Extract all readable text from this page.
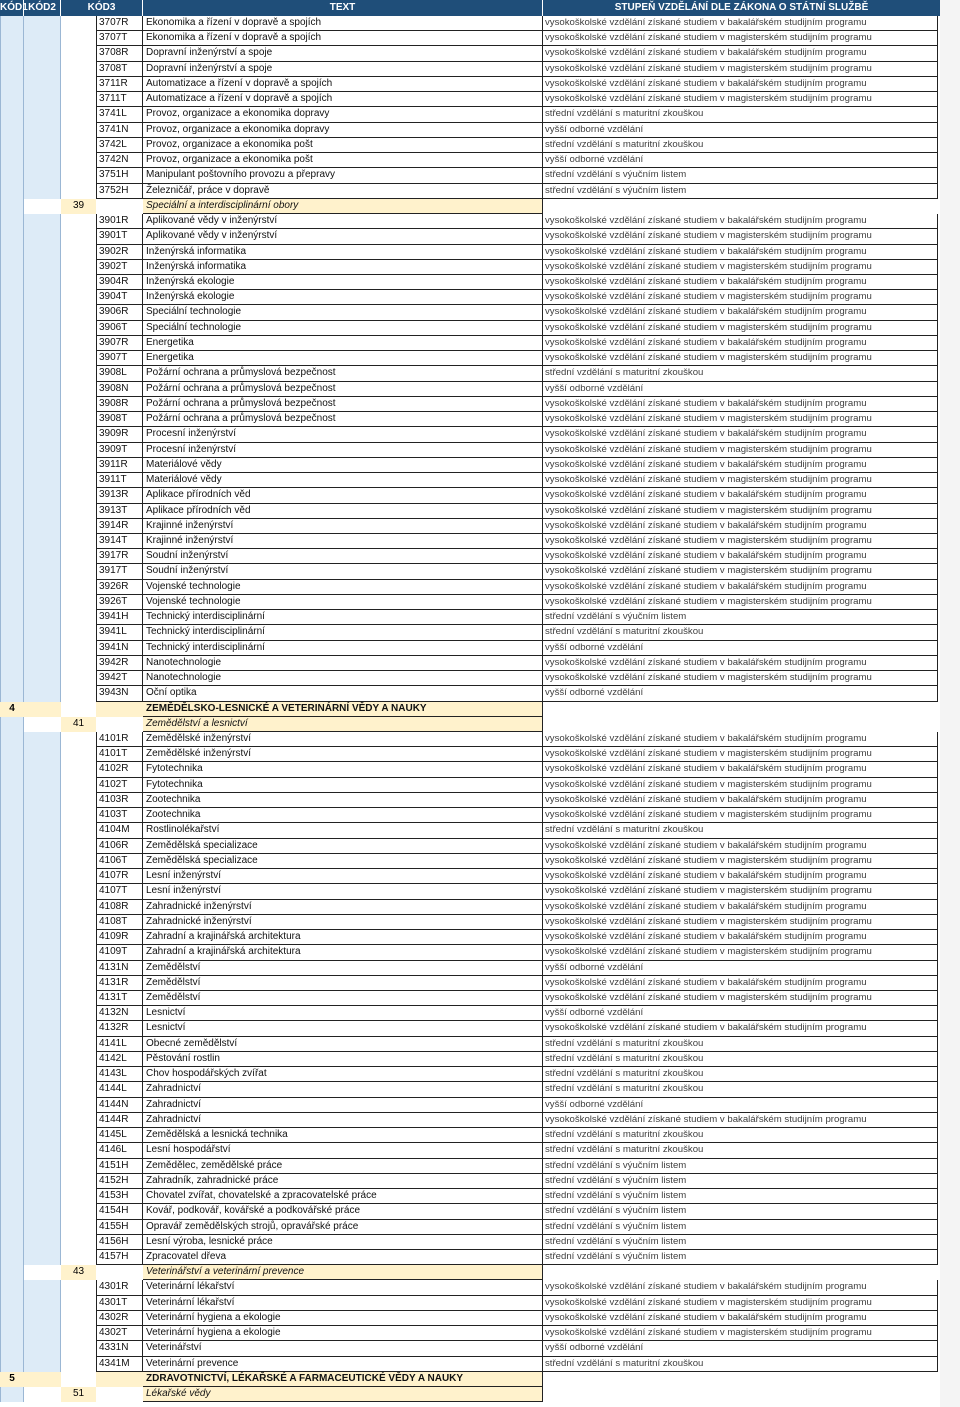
KÓD1 KÓD2	KÓD3	TEXT	STUPEŇ VZDĚLÁNÍ DLE ZÁKONA O STÁTNÍ SLUŽBĚ
3707R	Ekonomika a řízení v dopravě a spojích	vysokoškolské vzdělání získané studiem v bakalářském studijním programu
3707T	Ekonomika a řízení v dopravě a spojích	vysokoškolské vzdělání získané studiem v magisterském studijním programu
3708R	Dopravní inženýrství a spoje	vysokoškolské vzdělání získané studiem v bakalářském studijním programu
3708T	Dopravní inženýrství a spoje	vysokoškolské vzdělání získané studiem v magisterském studijním programu
3711R	Automatizace a řízení v dopravě a spojích	vysokoškolské vzdělání získané studiem v bakalářském studijním programu
3711T	Automatizace a řízení v dopravě a spojích	vysokoškolské vzdělání získané studiem v magisterském studijním programu
3741L	Provoz, organizace a ekonomika dopravy	střední vzdělání s maturitní zkouškou
3741N	Provoz, organizace a ekonomika dopravy	vyšší odborné vzdělání
3742L	Provoz, organizace a ekonomika pošt	střední vzdělání s maturitní zkouškou
3742N	Provoz, organizace a ekonomika pošt	vyšší odborné vzdělání
3751H	Manipulant poštovního provozu a přepravy	střední vzdělání s výučním listem
3752H	Železničář, práce v dopravě	střední vzdělání s výučním listem
39	Speciální a interdisciplinární obory
3901R	Aplikované vědy v inženýrství	vysokoškolské vzdělání získané studiem v bakalářském studijním programu
3901T	Aplikované vědy v inženýrství	vysokoškolské vzdělání získané studiem v magisterském studijním programu
3902R	Inženýrská informatika	vysokoškolské vzdělání získané studiem v bakalářském studijním programu
3902T	Inženýrská informatika	vysokoškolské vzdělání získané studiem v magisterském studijním programu
3904R	Inženýrská ekologie	vysokoškolské vzdělání získané studiem v bakalářském studijním programu
3904T	Inženýrská ekologie	vysokoškolské vzdělání získané studiem v magisterském studijním programu
3906R	Speciální technologie	vysokoškolské vzdělání získané studiem v bakalářském studijním programu
3906T	Speciální technologie	vysokoškolské vzdělání získané studiem v magisterském studijním programu
3907R	Energetika	vysokoškolské vzdělání získané studiem v bakalářském studijním programu
3907T	Energetika	vysokoškolské vzdělání získané studiem v magisterském studijním programu
3908L	Požární ochrana a průmyslová bezpečnost	střední vzdělání s maturitní zkouškou
3908N	Požární ochrana a průmyslová bezpečnost	vyšší odborné vzdělání
3908R	Požární ochrana a průmyslová bezpečnost	vysokoškolské vzdělání získané studiem v bakalářském studijním programu
3908T	Požární ochrana a průmyslová bezpečnost	vysokoškolské vzdělání získané studiem v magisterském studijním programu
3909R	Procesní inženýrství	vysokoškolské vzdělání získané studiem v bakalářském studijním programu
3909T	Procesní inženýrství	vysokoškolské vzdělání získané studiem v magisterském studijním programu
3911R	Materiálové vědy	vysokoškolské vzdělání získané studiem v bakalářském studijním programu
3911T	Materiálové vědy	vysokoškolské vzdělání získané studiem v magisterském studijním programu
3913R	Aplikace přírodních věd	vysokoškolské vzdělání získané studiem v bakalářském studijním programu
3913T	Aplikace přírodních věd	vysokoškolské vzdělání získané studiem v magisterském studijním programu
3914R	Krajinné inženýrství	vysokoškolské vzdělání získané studiem v bakalářském studijním programu
3914T	Krajinné inženýrství	vysokoškolské vzdělání získané studiem v magisterském studijním programu
3917R	Soudní inženýrství	vysokoškolské vzdělání získané studiem v bakalářském studijním programu
3917T	Soudní inženýrství	vysokoškolské vzdělání získané studiem v magisterském studijním programu
3926R	Vojenské technologie	vysokoškolské vzdělání získané studiem v bakalářském studijním programu
3926T	Vojenské technologie	vysokoškolské vzdělání získané studiem v magisterském studijním programu
3941H	Technický interdisciplinární	střední vzdělání s výučním listem
3941L	Technický interdisciplinární	střední vzdělání s maturitní zkouškou
3941N	Technický interdisciplinární	vyšší odborné vzdělání
3942R	Nanotechnologie	vysokoškolské vzdělání získané studiem v bakalářském studijním programu
3942T	Nanotechnologie	vysokoškolské vzdělání získané studiem v magisterském studijním programu
3943N	Oční optika	vyšší odborné vzdělání
4	ZEMĚDĚLSKO-LESNICKÉ A VETERINÁRNÍ VĚDY A NAUKY
41	Zemědělství a lesnictví
4101R	Zemědělské inženýrství	vysokoškolské vzdělání získané studiem v bakalářském studijním programu
4101T	Zemědělské inženýrství	vysokoškolské vzdělání získané studiem v magisterském studijním programu
4102R	Fytotechnika	vysokoškolské vzdělání získané studiem v bakalářském studijním programu
4102T	Fytotechnika	vysokoškolské vzdělání získané studiem v magisterském studijním programu
4103R	Zootechnika	vysokoškolské vzdělání získané studiem v bakalářském studijním programu
4103T	Zootechnika	vysokoškolské vzdělání získané studiem v magisterském studijním programu
4104M	Rostlinolékařství	střední vzdělání s maturitní zkouškou
4106R	Zemědělská specializace	vysokoškolské vzdělání získané studiem v bakalářském studijním programu
4106T	Zemědělská specializace	vysokoškolské vzdělání získané studiem v magisterském studijním programu
4107R	Lesní inženýrství	vysokoškolské vzdělání získané studiem v bakalářském studijním programu
4107T	Lesní inženýrství	vysokoškolské vzdělání získané studiem v magisterském studijním programu
4108R	Zahradnické inženýrství	vysokoškolské vzdělání získané studiem v bakalářském studijním programu
4108T	Zahradnické inženýrství	vysokoškolské vzdělání získané studiem v magisterském studijním programu
4109R	Zahradní a krajinářská architektura	vysokoškolské vzdělání získané studiem v bakalářském studijním programu
4109T	Zahradní a krajinářská architektura	vysokoškolské vzdělání získané studiem v magisterském studijním programu
4131N	Zemědělství	vyšší odborné vzdělání
4131R	Zemědělství	vysokoškolské vzdělání získané studiem v bakalářském studijním programu
4131T	Zemědělství	vysokoškolské vzdělání získané studiem v magisterském studijním programu
4132N	Lesnictví	vyšší odborné vzdělání
4132R	Lesnictví	vysokoškolské vzdělání získané studiem v bakalářském studijním programu
4141L	Obecné zemědělství	střední vzdělání s maturitní zkouškou
4142L	Pěstování rostlin	střední vzdělání s maturitní zkouškou
4143L	Chov hospodářských zvířat	střední vzdělání s maturitní zkouškou
4144L	Zahradnictví	střední vzdělání s maturitní zkouškou
4144N	Zahradnictví	vyšší odborné vzdělání
4144R	Zahradnictví	vysokoškolské vzdělání získané studiem v bakalářském studijním programu
4145L	Zemědělská a lesnická technika	střední vzdělání s maturitní zkouškou
4146L	Lesní hospodářství	střední vzdělání s maturitní zkouškou
4151H	Zemědělec, zemědělské práce	střední vzdělání s výučním listem
4152H	Zahradník, zahradnické práce	střední vzdělání s výučním listem
4153H	Chovatel zvířat, chovatelské a zpracovatelské práce	střední vzdělání s výučním listem
4154H	Kovář, podkovář, kovářské a podkovářské práce	střední vzdělání s výučním listem
4155H	Opravář zemědělských strojů, opravářské práce	střední vzdělání s výučním listem
4156H	Lesní výroba, lesnické práce	střední vzdělání s výučním listem
4157H	Zpracovatel dřeva	střední vzdělání s výučním listem
43	Veterinářství a veterinární prevence
4301R	Veterinární lékařství	vysokoškolské vzdělání získané studiem v bakalářském studijním programu
4301T	Veterinární lékařství	vysokoškolské vzdělání získané studiem v magisterském studijním programu
4302R	Veterinární hygiena a ekologie	vysokoškolské vzdělání získané studiem v bakalářském studijním programu
4302T	Veterinární hygiena a ekologie	vysokoškolské vzdělání získané studiem v magisterském studijním programu
4331N	Veterinářství	vyšší odborné vzdělání
4341M	Veterinární prevence	střední vzdělání s maturitní zkouškou
5	ZDRAVOTNICTVÍ, LÉKAŘSKÉ A FARMACEUTICKÉ VĚDY A NAUKY
51	Lékařské vědy
